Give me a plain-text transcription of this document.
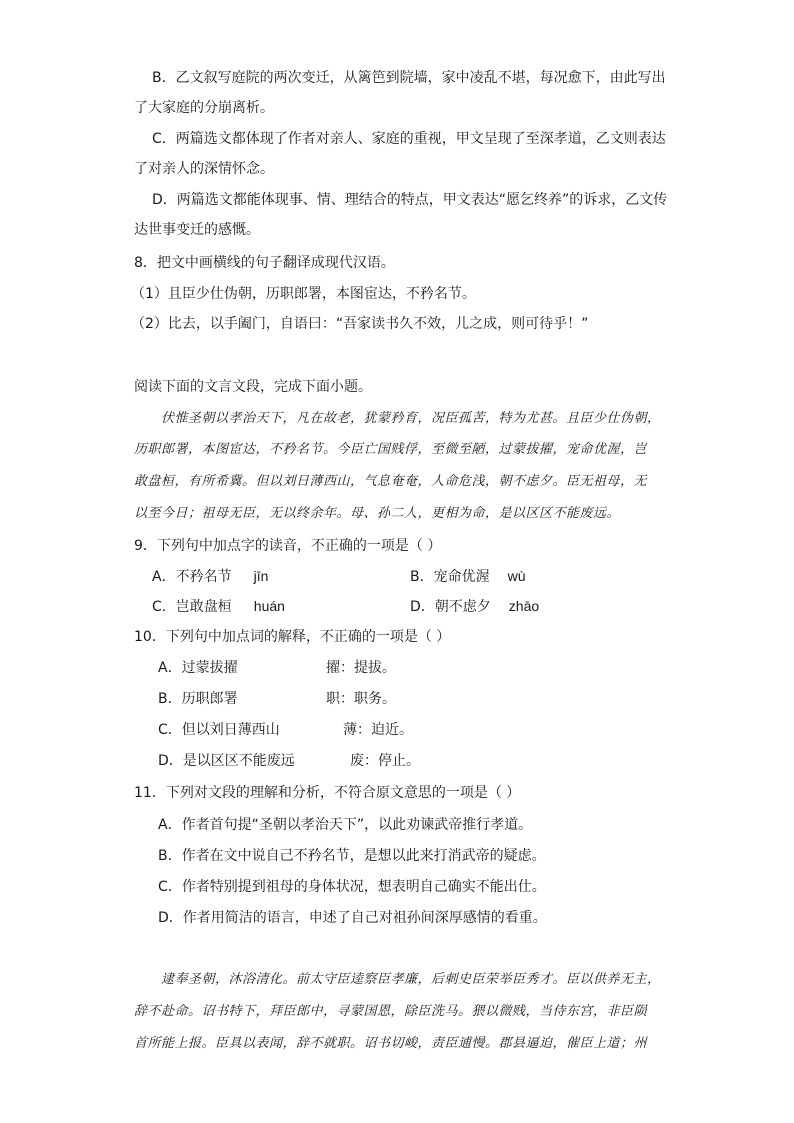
B．乙文叙写庭院的两次变迁，从篱笆到院墙，家中凌乱不堪，每况愈下，由此写出
了大家庭的分崩离析。
C．两篇选文都体现了作者对亲人、家庭的重视，甲文呈现了至深孝道，乙文则表达
了对亲人的深情怀念。
D．两篇选文都能体现事、情、理结合的特点，甲文表达“愿乞终养”的诉求，乙文传
达世事变迁的感慨。
8．把文中画横线的句子翻译成现代汉语。
（1）且臣少仕伪朝，历职郎署，本图宦达，不矜名节。
（2）比去，以手阖门，自语曰：“吾家读书久不效，儿之成，则可待乎！”
阅读下面的文言文段，完成下面小题。
伏惟圣朝以孝治天下，凡在故老，犹蒙矜育，况臣孤苦，特为尤甚。且臣少仕伪朝，
历职郎署，本图宦达，不矜名节。今臣亡国贱俘，至微至陋，过蒙拔擢，宠命优渥，岂
敢盘桓，有所希冀。但以刘日薄西山，气息奄奄，人命危浅，朝不虑夕。臣无祖母，无
以至今日；祖母无臣，无以终余年。母、孙二人，更相为命，是以区区不能废远。
9．下列句中加点字的读音，不正确的一项是（ ）
A．不矜名节 jīn	B．宠命优渥 wù
C．岂敢盘桓 huán	D．朝不虑夕 zhāo
10．下列句中加点词的解释，不正确的一项是（ ）
A．过蒙拔擢	擢：提拔。
B．历职郎署	职：职务。
C．但以刘日薄西山	薄：迫近。
D．是以区区不能废远	废：停止。
11．下列对文段的理解和分析，不符合原文意思的一项是（ ）
A．作者首句提“圣朝以孝治天下”，以此劝谏武帝推行孝道。
B．作者在文中说自己不矜名节，是想以此来打消武帝的疑虑。
C．作者特别提到祖母的身体状况，想表明自己确实不能出仕。
D．作者用简洁的语言，申述了自己对祖孙间深厚感情的看重。
逮奉圣朝，沐浴清化。前太守臣逵察臣孝廉，后刺史臣荣举臣秀才。臣以供养无主，
辞不赴命。诏书特下，拜臣郎中，寻蒙国恩，除臣洗马。猥以微贱，当侍东宫，非臣陨
首所能上报。臣具以表闻，辞不就职。诏书切峻，责臣逋慢。郡县逼迫，催臣上道；州
